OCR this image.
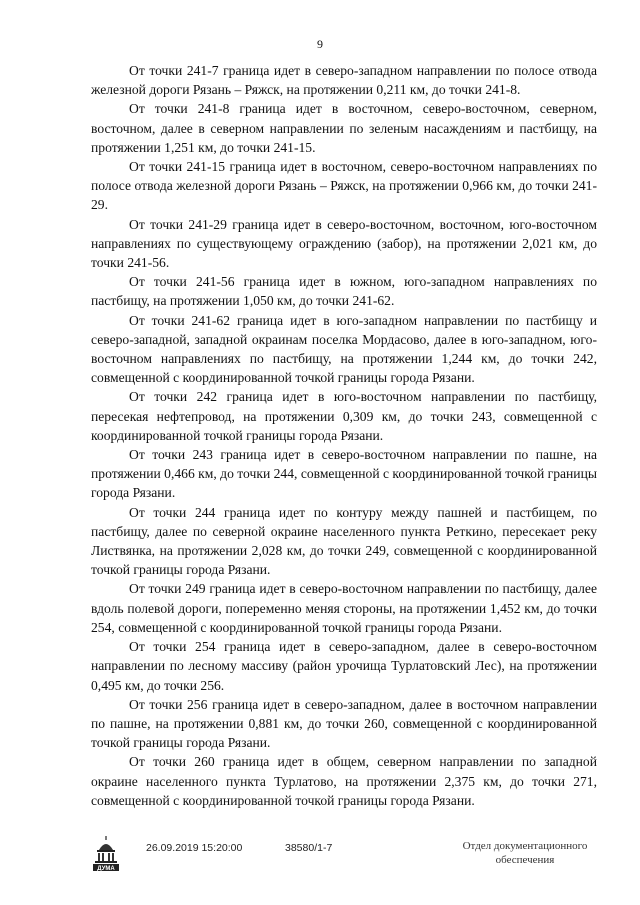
9

От точки 241-7 граница идет в северо-западном направлении по полосе отвода железной дороги Рязань – Ряжск, на протяжении 0,211 км, до точки 241-8.

От точки 241-8 граница идет в восточном, северо-восточном, северном, восточном, далее в северном направлении по зеленым насаждениям и пастбищу, на протяжении 1,251 км, до точки 241-15.

От точки 241-15 граница идет в восточном, северо-восточном направлениях по полосе отвода железной дороги Рязань – Ряжск, на протяжении 0,966 км, до точки 241-29.

От точки 241-29 граница идет в северо-восточном, восточном, юго-восточном направлениях по существующему ограждению (забор), на протяжении 2,021 км, до точки 241-56.

От точки 241-56 граница идет в южном, юго-западном направлениях по пастбищу, на протяжении 1,050 км, до точки 241-62.

От точки 241-62 граница идет в юго-западном направлении по пастбищу и северо-западной, западной окраинам поселка Мордасово, далее в юго-западном, юго-восточном направлениях по пастбищу, на протяжении 1,244 км, до точки 242, совмещенной с координированной точкой границы города Рязани.

От точки 242 граница идет в юго-восточном направлении по пастбищу, пересекая нефтепровод, на протяжении 0,309 км, до точки 243, совмещенной с координированной точкой границы города Рязани.

От точки 243 граница идет в северо-восточном направлении по пашне, на протяжении 0,466 км, до точки 244, совмещенной с координированной точкой границы города Рязани.

От точки 244 граница идет по контуру между пашней и пастбищем, по пастбищу, далее по северной окраине населенного пункта Реткино, пересекает реку Листвянка, на протяжении 2,028 км, до точки 249, совмещенной с координированной точкой границы города Рязани.

От точки 249 граница идет в северо-восточном направлении по пастбищу, далее вдоль полевой дороги, попеременно меняя стороны, на протяжении 1,452 км, до точки 254, совмещенной с координированной точкой границы города Рязани.

От точки 254 граница идет в северо-западном, далее в северо-восточном направлении по лесному массиву (район урочища Турлатовский Лес), на протяжении 0,495 км, до точки 256.

От точки 256 граница идет в северо-западном, далее в восточном направлении по пашне, на протяжении 0,881 км, до точки 260, совмещенной с координированной точкой границы города Рязани.

От точки 260 граница идет в общем, северном направлении по западной окраине населенного пункта Турлатово, на протяжении 2,375 км, до точки 271, совмещенной с координированной точкой границы города Рязани.

ДУМА
26.09.2019 15:20:00	38580/1-7	Отдел документационного
обеспечения
